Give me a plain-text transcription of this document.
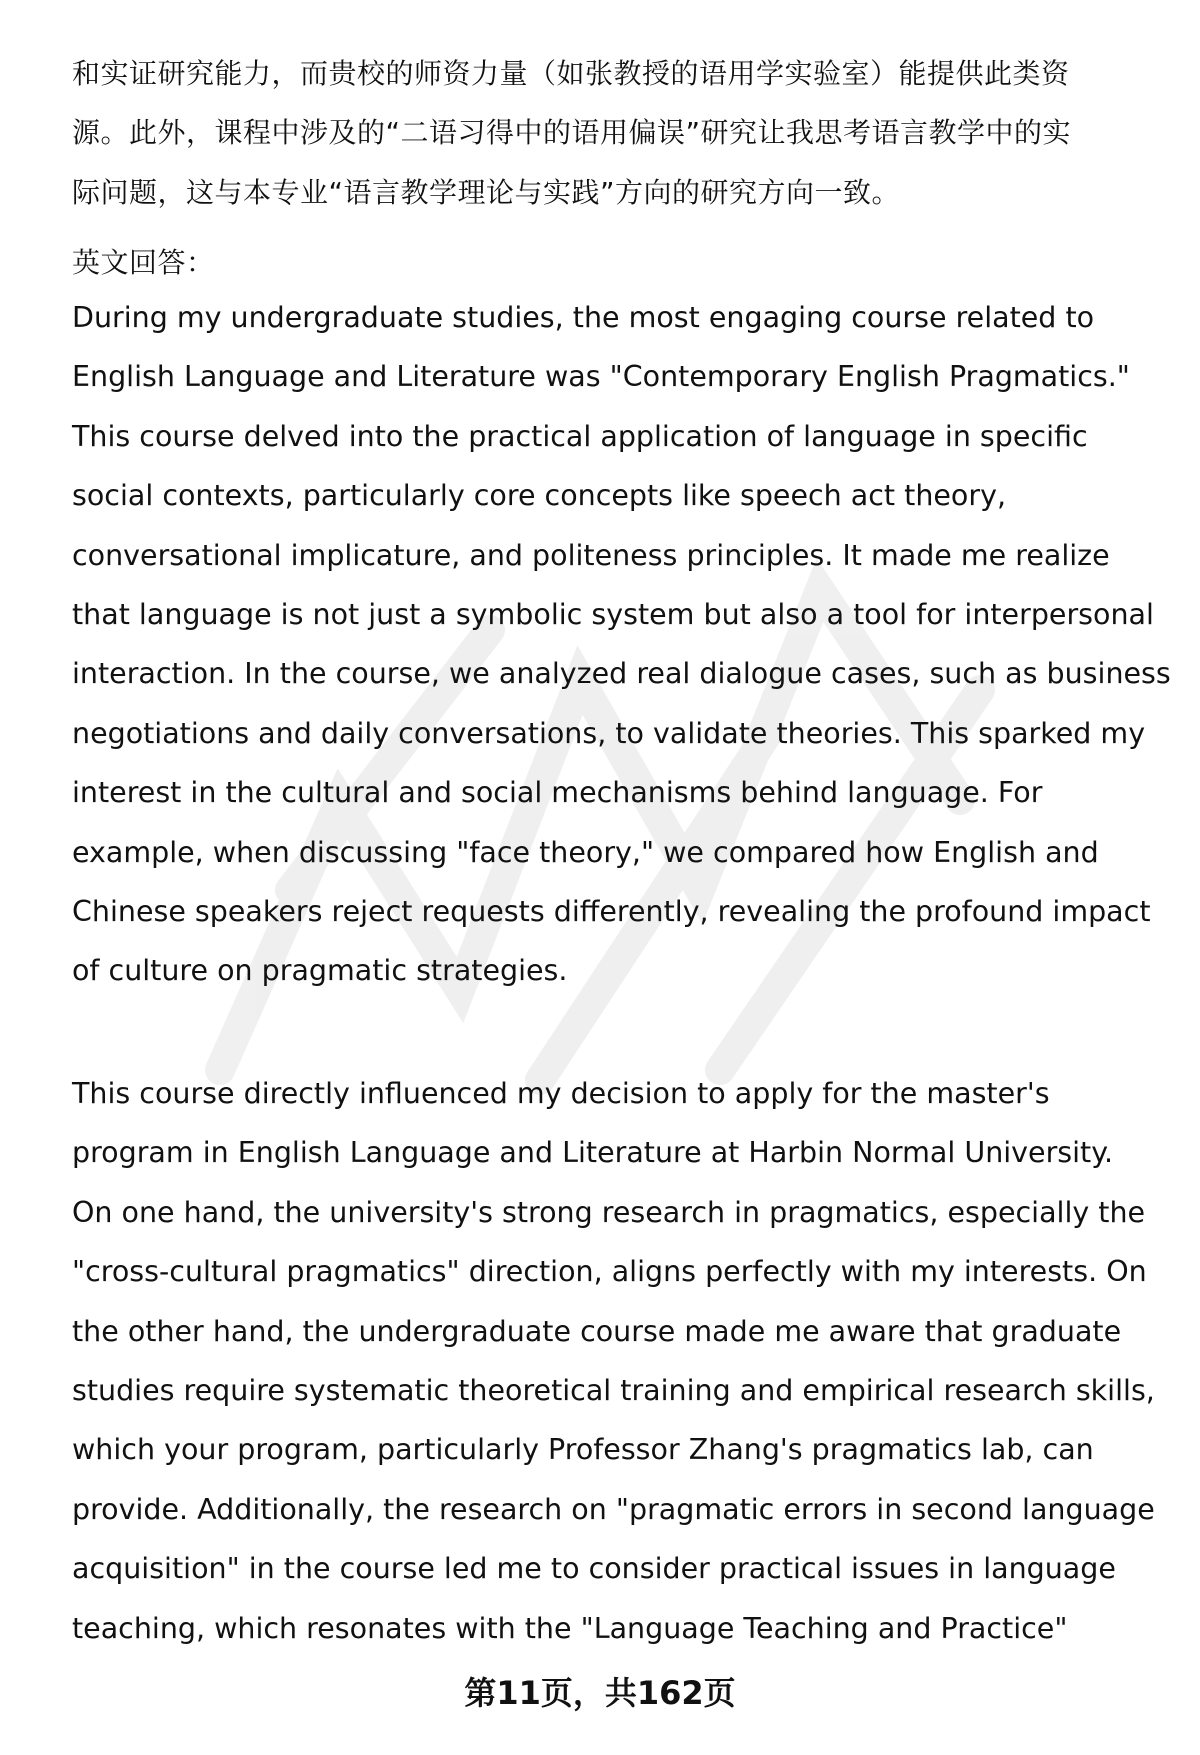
和实证研究能力，而贵校的师资力量（如张教授的语用学实验室）能提供此类资
源。此外，课程中涉及的“二语习得中的语用偏误”研究让我思考语言教学中的实
际问题，这与本专业“语言教学理论与实践”方向的研究方向一致。

英文回答：

During my undergraduate studies, the most engaging course related to
English Language and Literature was "Contemporary English Pragmatics."
This course delved into the practical application of language in specific
social contexts, particularly core concepts like speech act theory,
conversational implicature, and politeness principles. It made me realize
that language is not just a symbolic system but also a tool for interpersonal
interaction. In the course, we analyzed real dialogue cases, such as business
negotiations and daily conversations, to validate theories. This sparked my
interest in the cultural and social mechanisms behind language. For
example, when discussing "face theory," we compared how English and
Chinese speakers reject requests differently, revealing the profound impact
of culture on pragmatic strategies.

This course directly influenced my decision to apply for the master's
program in English Language and Literature at Harbin Normal University.
On one hand, the university's strong research in pragmatics, especially the
"cross-cultural pragmatics" direction, aligns perfectly with my interests. On
the other hand, the undergraduate course made me aware that graduate
studies require systematic theoretical training and empirical research skills,
which your program, particularly Professor Zhang's pragmatics lab, can
provide. Additionally, the research on "pragmatic errors in second language
acquisition" in the course led me to consider practical issues in language
teaching, which resonates with the "Language Teaching and Practice"

第11页，共162页
